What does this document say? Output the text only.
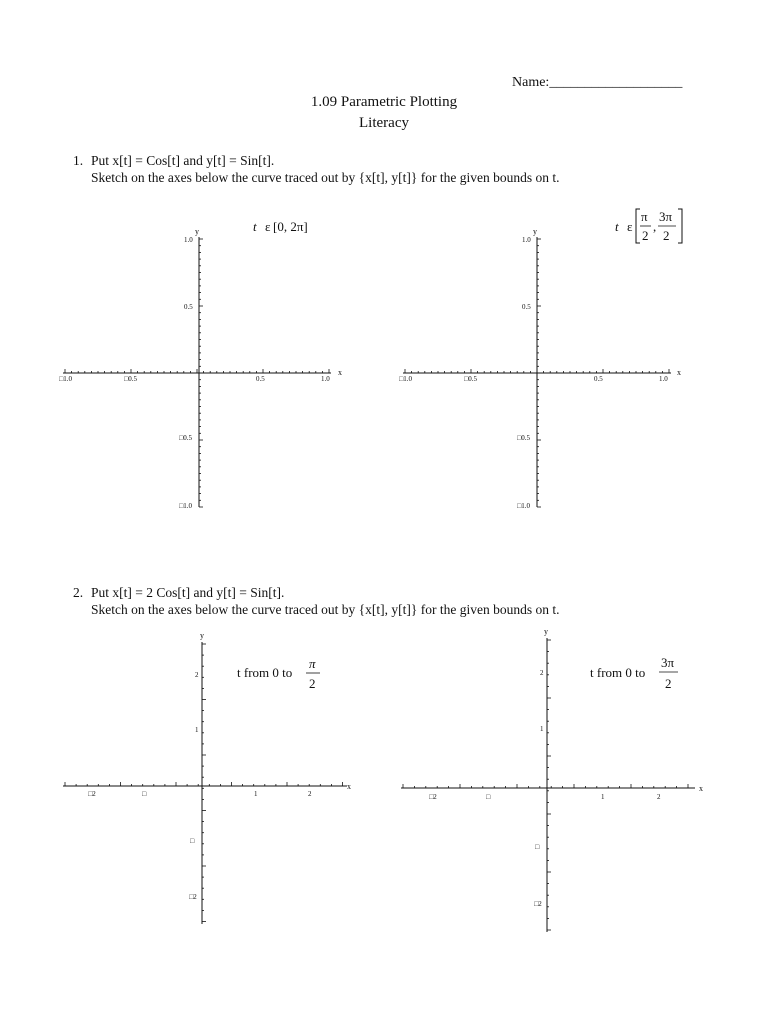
Name:___________________
1.09 Parametric Plotting
Literacy
1. Put x[t] = Cos[t] and y[t] = Sin[t].
Sketch on the axes below the curve traced out by {x[t], y[t]} for the given bounds on t.
x
y
□1.0	□0.5	0.5	1.0
1.0
0.5
□0.5
□1.0
t ε [0, 2π]
x
y
□1.0	□0.5	0.5	1.0
1.0
0.5
□0.5
□1.0
t ε
π
2
,
3π
2
2. Put x[t] = 2 Cos[t] and y[t] = Sin[t].
Sketch on the axes below the curve traced out by {x[t], y[t]} for the given bounds on t.
x
y
□2	□	1	2
2
1
□
□2
t from 0 to
π
2
x
y
□2	□	1	2
2
1
□
□2
t from 0 to
3π
2
